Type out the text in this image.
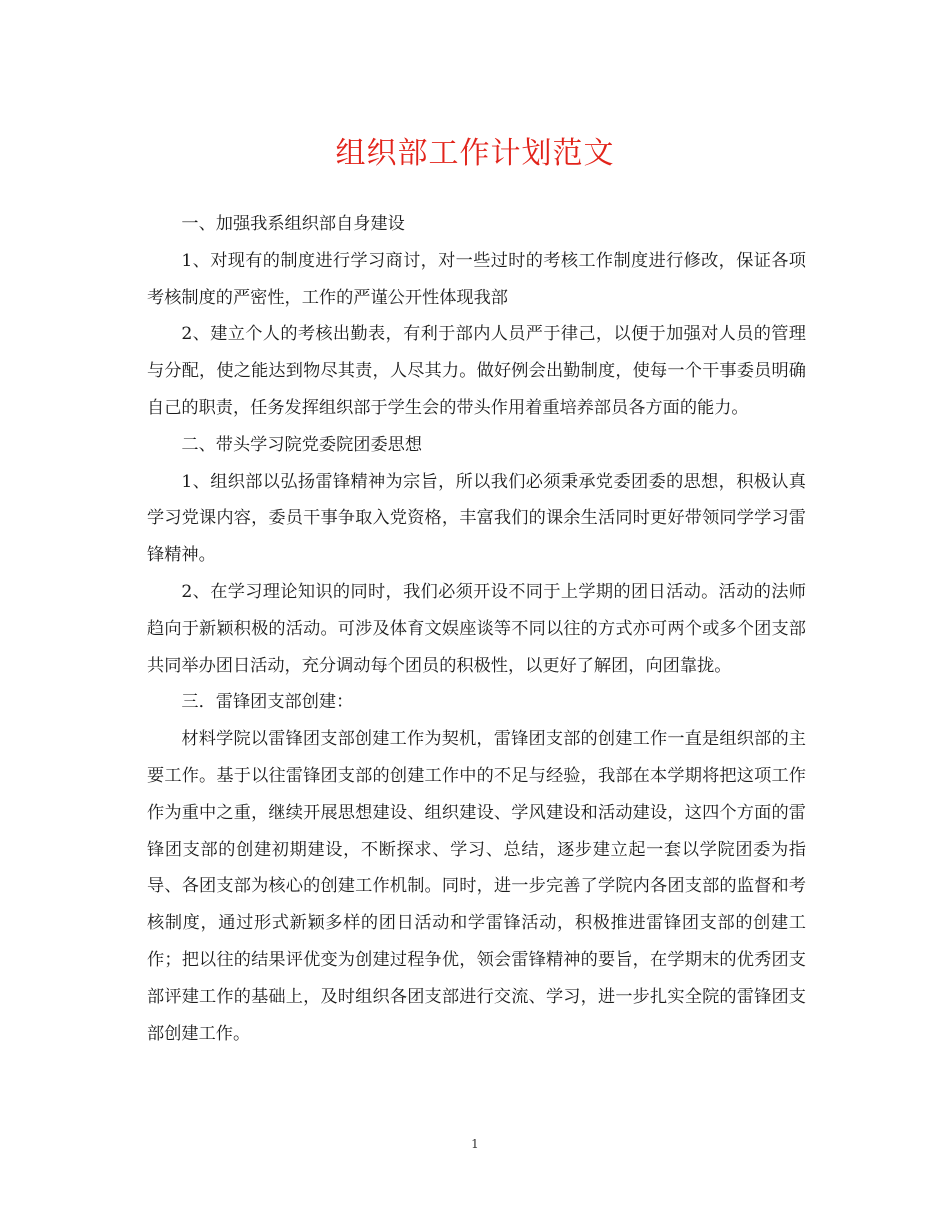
组织部工作计划范文

一、加强我系组织部自身建设

1、对现有的制度进行学习商讨，对一些过时的考核工作制度进行修改，保证各项考核制度的严密性，工作的严谨公开性体现我部

2、建立个人的考核出勤表，有利于部内人员严于律己，以便于加强对人员的管理与分配，使之能达到物尽其责，人尽其力。做好例会出勤制度，使每一个干事委员明确自己的职责，任务发挥组织部于学生会的带头作用着重培养部员各方面的能力。

二、带头学习院党委院团委思想

1、组织部以弘扬雷锋精神为宗旨，所以我们必须秉承党委团委的思想，积极认真学习党课内容，委员干事争取入党资格，丰富我们的课余生活同时更好带领同学学习雷锋精神。

2、在学习理论知识的同时，我们必须开设不同于上学期的团日活动。活动的法师趋向于新颖积极的活动。可涉及体育文娱座谈等不同以往的方式亦可两个或多个团支部共同举办团日活动，充分调动每个团员的积极性，以更好了解团，向团靠拢。

三．雷锋团支部创建：

材料学院以雷锋团支部创建工作为契机，雷锋团支部的创建工作一直是组织部的主要工作。基于以往雷锋团支部的创建工作中的不足与经验，我部在本学期将把这项工作作为重中之重，继续开展思想建设、组织建设、学风建设和活动建设，这四个方面的雷锋团支部的创建初期建设，不断探求、学习、总结，逐步建立起一套以学院团委为指导、各团支部为核心的创建工作机制。同时，进一步完善了学院内各团支部的监督和考核制度，通过形式新颖多样的团日活动和学雷锋活动，积极推进雷锋团支部的创建工作；把以往的结果评优变为创建过程争优，领会雷锋精神的要旨，在学期末的优秀团支部评建工作的基础上，及时组织各团支部进行交流、学习，进一步扎实全院的雷锋团支部创建工作。

1
